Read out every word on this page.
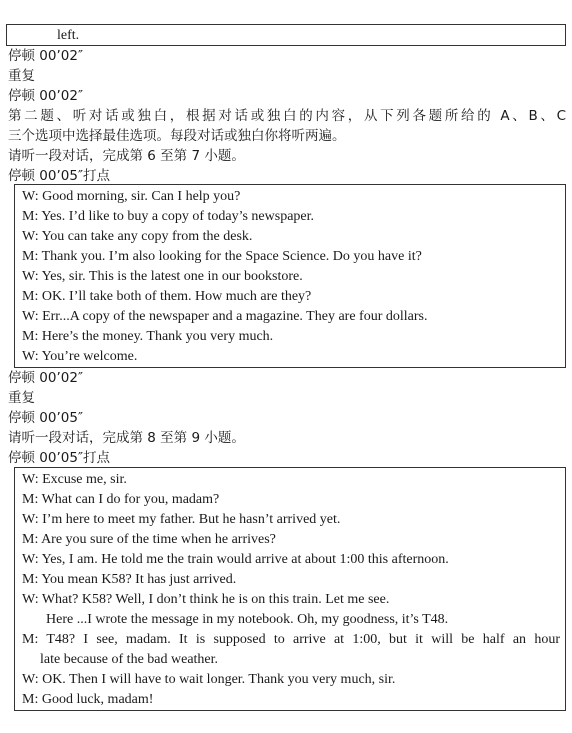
left.
停顿 00’02″
重复
停顿 00’02″
第二题、听对话或独白，根据对话或独白的内容，从下列各题所给的 A、B、C
三个选项中选择最佳选项。每段对话或独白你将听两遍。
请听一段对话，完成第 6 至第 7 小题。
停顿 00’05″打点
W: Good morning, sir. Can I help you?
M: Yes. I’d like to buy a copy of today’s newspaper.
W: You can take any copy from the desk.
M: Thank you. I’m also looking for the Space Science. Do you have it?
W: Yes, sir. This is the latest one in our bookstore.
M: OK. I’ll take both of them. How much are they?
W: Err...A copy of the newspaper and a magazine. They are four dollars.
M: Here’s the money. Thank you very much.
W: You’re welcome.
停顿 00’02″
重复
停顿 00’05″
请听一段对话，完成第 8 至第 9 小题。
停顿 00’05″打点
W: Excuse me, sir.
M: What can I do for you, madam?
W: I’m here to meet my father. But he hasn’t arrived yet.
M: Are you sure of the time when he arrives?
W: Yes, I am. He told me the train would arrive at about 1:00 this afternoon.
M: You mean K58? It has just arrived.
W: What? K58? Well, I don’t think he is on this train. Let me see.
Here ...I wrote the message in my notebook. Oh, my goodness, it’s T48.
M: T48? I see, madam. It is supposed to arrive at 1:00, but it will be half an hour
late because of the bad weather.
W: OK. Then I will have to wait longer. Thank you very much, sir.
M: Good luck, madam!
